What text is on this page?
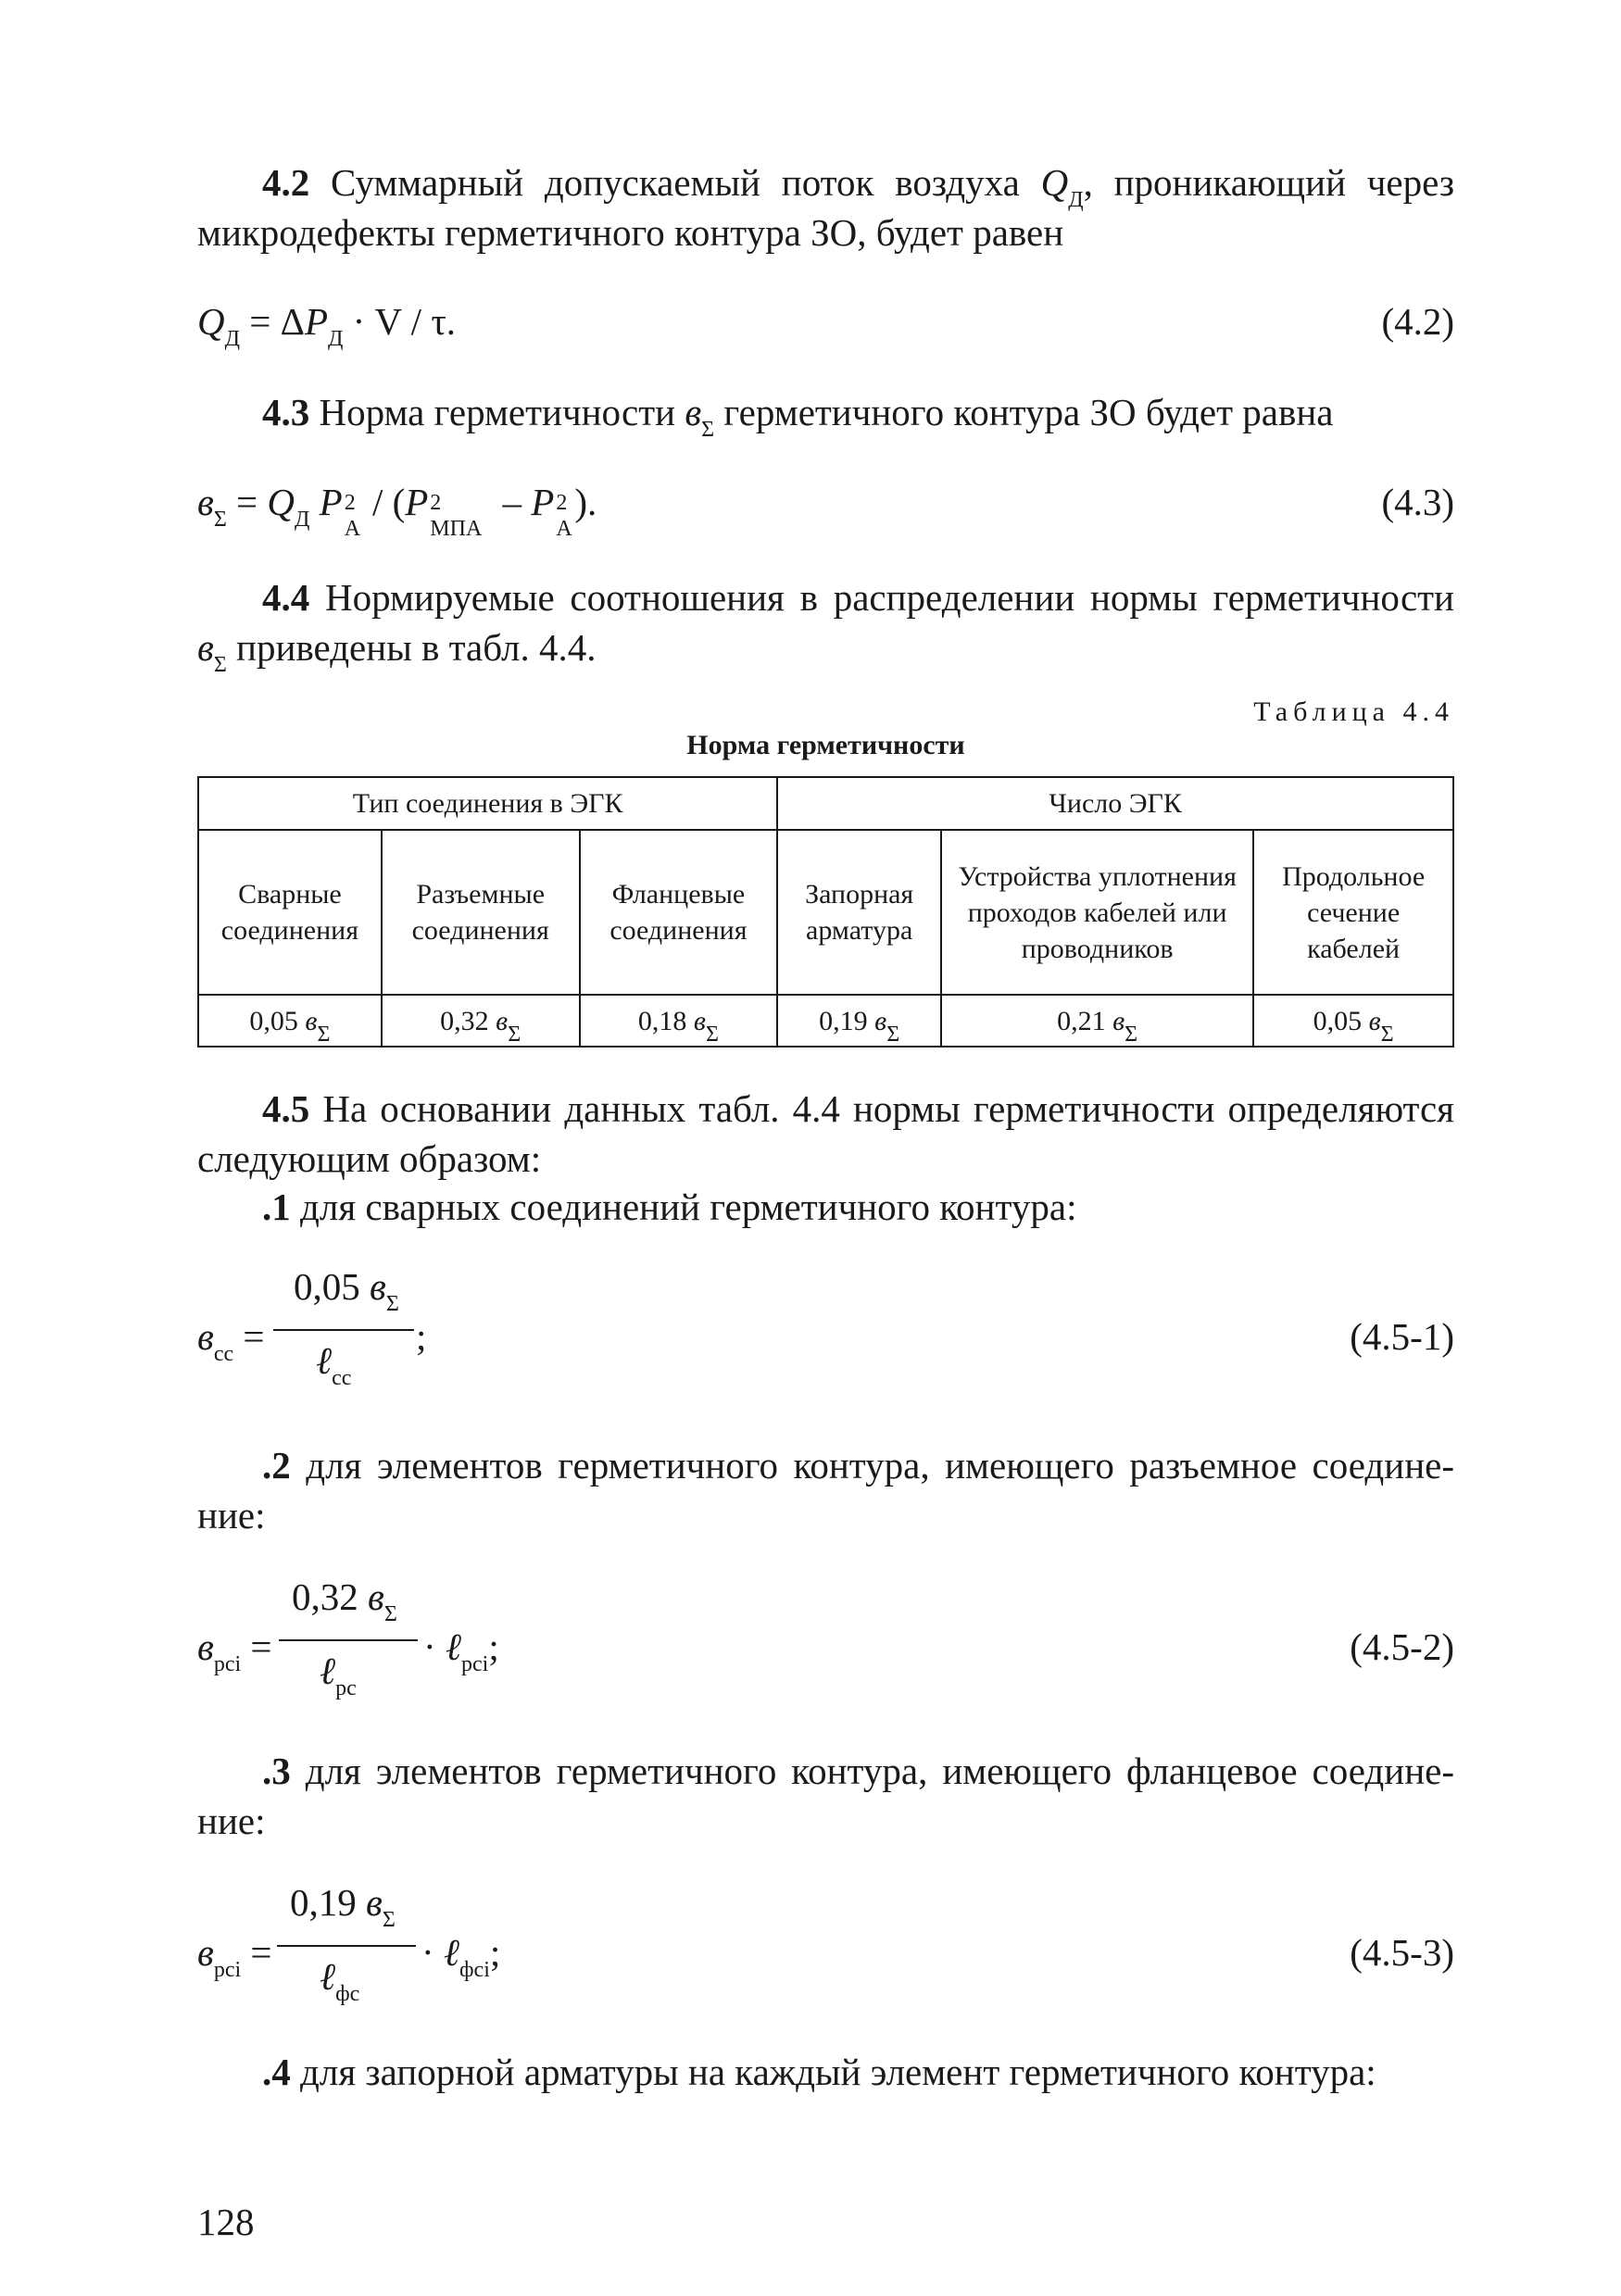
4.2 Суммарный допускаемый поток воздуха $Q_Д$, проникающий через микродефекты герметичного контура ЗО, будет равен
$Q_Д = \Delta P_Д \cdot V / \tau$.	(4.2)
4.3 Норма герметичности $в_\Sigma$ герметичного контура ЗО будет равна
$в_\Sigma = Q_Д$ P 2
А
/ (P 2
МПА
– P 2
А
).	(4.3)
4.4 Нормируемые соотношения в распределении нормы герметичности $в_\Sigma$ приведены в табл. 4.4.
Таблица 4.4
Норма герметичности
Тип соединения в ЭГК			Число ЭГК		
Сварные соединения	Разъемные соединения	Фланцевые соединения	Запорная арматура	Устройства уплотнения проходов кабелей или проводников	Продольное сечение кабелей
0,05 $в_\Sigma$	0,32 $в_\Sigma$	0,18 $в_\Sigma$	0,19 $в_\Sigma$	0,21 $в_\Sigma$	0,05 $в_\Sigma$
4.5 На основании данных табл. 4.4 нормы герметичности определяются следующим образом:
.1 для сварных соединений герметичного контура:
$в_{сс}$ =
0,05 $в_\Sigma$
ℓ$_{сс}$
;	(4.5-1)
.2 для элементов герметичного контура, имеющего разъемное соедине-ние:
$в_{рсi}$ =
0,32 $в_\Sigma$
ℓ$_{рс}$
· ℓ$_{рсi}$;	(4.5-2)
.3 для элементов герметичного контура, имеющего фланцевое соедине-ние:
$в_{рсi}$ =
0,19 $в_\Sigma$
ℓ$_{фс}$
· ℓ$_{фсi}$;	(4.5-3)
.4 для запорной арматуры на каждый элемент герметичного контура:
128
